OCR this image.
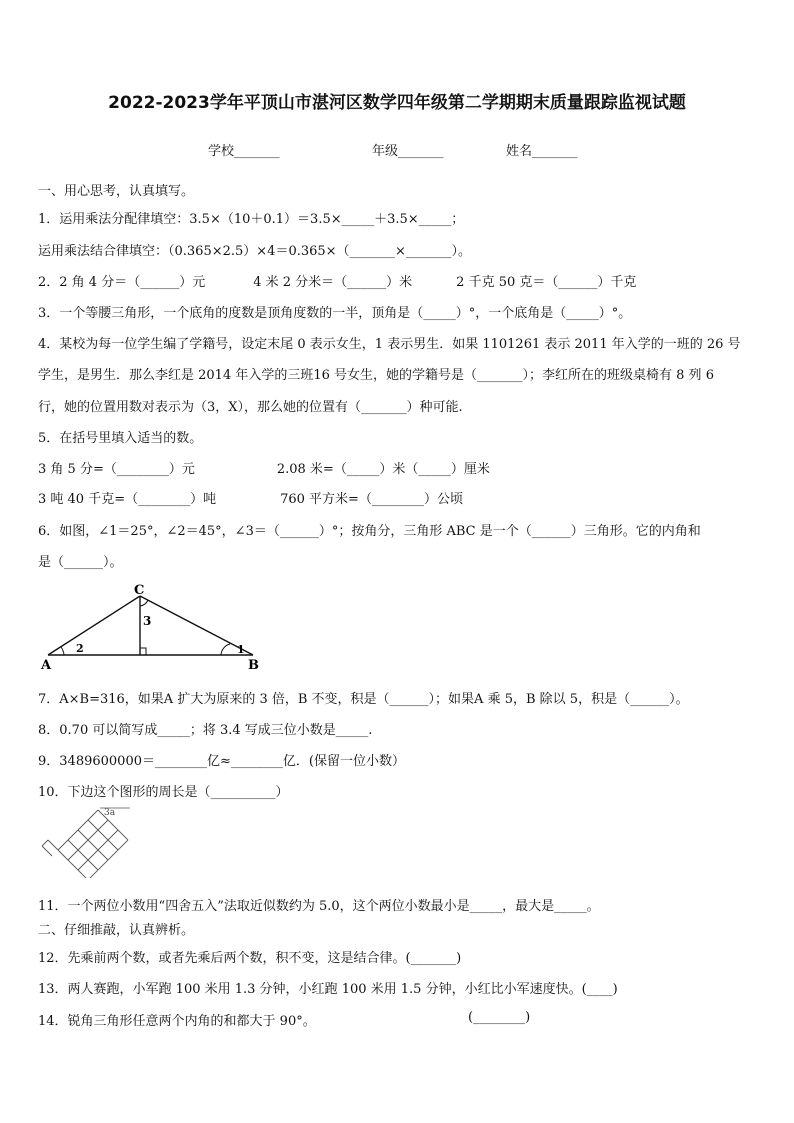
2022-2023学年平顶山市湛河区数学四年级第二学期期末质量跟踪监视试题
学校_______	年级_______	姓名_______
一、用心思考，认真填写。
1．运用乘法分配律填空：3.5×（10＋0.1）＝3.5×_____＋3.5×_____；
运用乘法结合律填空：（0.365×2.5）×4＝0.365×（_______×_______）。
2．2 角 4 分＝（______）元	4 米 2 分米＝（______）米	2 千克 50 克＝（______）千克
3．一个等腰三角形，一个底角的度数是顶角度数的一半，顶角是（_____）°，一个底角是（_____）°。
4．某校为每一位学生编了学籍号，设定末尾 0 表示女生，1 表示男生．如果 1101261 表示 2011 年入学的一班的 26 号
学生，是男生．那么李红是 2014 年入学的三班16 号女生，她的学籍号是（_______）；李红所在的班级桌椅有 8 列 6
行，她的位置用数对表示为（3，X），那么她的位置有（_______）种可能.
5．在括号里填入适当的数。
3 角 5 分=（________）元	2.08 米=（_____）米（_____）厘米
3 吨 40 千克=（________）吨	760 平方米=（________）公顷
6．如图，∠1＝25°，∠2＝45°，∠3＝（______）°；按角分，三角形 ABC 是一个（______）三角形。它的内角和
是（______）。
C
3
2	1
A	B
7．A×B=316，如果A 扩大为原来的 3 倍，B 不变，积是（______）；如果A 乘 5，B 除以 5，积是（______）。
8．0.70 可以简写成_____；将 3.4 写成三位小数是_____.
9．3489600000＝________亿≈________亿．(保留一位小数）
10．下边这个图形的周长是（__________）
3a
11．一个两位小数用“四舍五入”法取近似数约为 5.0，这个两位小数最小是_____，最大是_____。
二、仔细推敲，认真辨析。
12．先乘前两个数，或者先乘后两个数，积不变，这是结合律。(_______)
13．两人赛跑，小军跑 100 米用 1.3 分钟，小红跑 100 米用 1.5 分钟，小红比小军速度快。(____)
14．锐角三角形任意两个内角的和都大于 90°。	(________)
